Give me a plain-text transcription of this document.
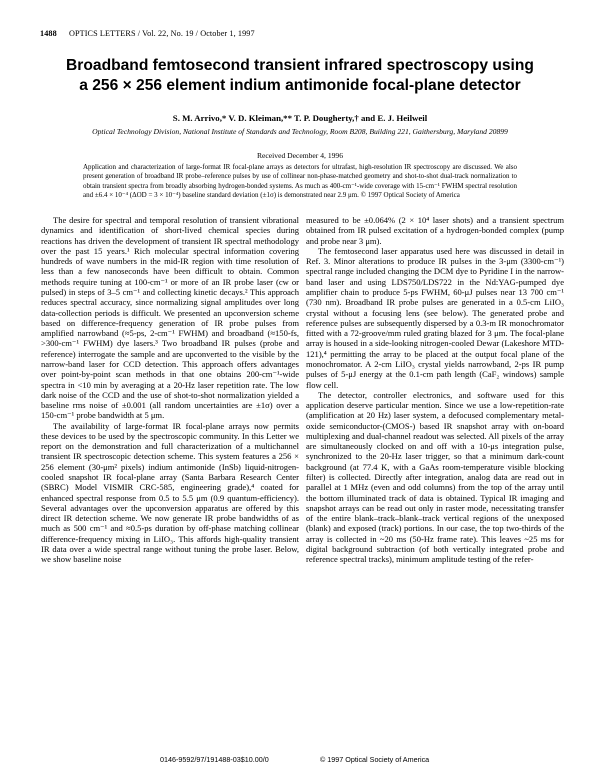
1488 OPTICS LETTERS / Vol. 22, No. 19 / October 1, 1997
Broadband femtosecond transient infrared spectroscopy using
a 256 × 256 element indium antimonide focal-plane detector
S. M. Arrivo,* V. D. Kleiman,** T. P. Dougherty,† and E. J. Heilweil
Optical Technology Division, National Institute of Standards and Technology, Room B208, Building 221, Gaithersburg, Maryland 20899
Received December 4, 1996
Application and characterization of large-format IR focal-plane arrays as detectors for ultrafast, high-resolution IR spectroscopy are discussed. We also present generation of broadband IR probe–reference pulses by use of collinear non-phase-matched geometry and shot-to-shot dual-track normalization to obtain transient spectra from broadly absorbing hydrogen-bonded systems. As much as 400-cm⁻¹-wide coverage with 15-cm⁻¹ FWHM spectral resolution and ±6.4 × 10⁻⁴ (ΔOD = 3 × 10⁻⁴) baseline standard deviation (±1σ) is demonstrated near 2.9 μm. © 1997 Optical Society of America

The desire for spectral and temporal resolution of transient vibrational dynamics and identification of short-lived chemical species during reactions has driven the development of transient IR spectral methodology over the past 15 years.¹ Rich molecular spectral information covering hundreds of wave numbers in the mid-IR region with time resolution of less than a few nanoseconds have been difficult to obtain. Common methods require tuning at 100-cm⁻¹ or more of an IR probe laser (cw or pulsed) in steps of 3–5 cm⁻¹ and collecting kinetic decays.² This approach reduces spectral accuracy, since normalizing signal amplitudes over long data-collection periods is difficult. We presented an upconversion scheme based on difference-frequency generation of IR probe pulses from amplified narrowband (≈5-ps, 2-cm⁻¹ FWHM) and broadband (≈150-fs, >300-cm⁻¹ FWHM) dye lasers.³ Two broadband IR pulses (probe and reference) interrogate the sample and are upconverted to the visible by the narrow-band laser for CCD detection. This approach offers advantages over point-by-point scan methods in that one obtains 200-cm⁻¹-wide spectra in <10 min by averaging at a 20-Hz laser repetition rate. The low dark noise of the CCD and the use of shot-to-shot normalization yielded a baseline rms noise of ±0.001 (all random uncertainties are ±1σ) over a 150-cm⁻¹ probe bandwidth at 5 μm.

The availability of large-format IR focal-plane arrays now permits these devices to be used by the spectroscopic community. In this Letter we report on the demonstration and full characterization of a multichannel transient IR spectroscopic detection scheme. This system features a 256 × 256 element (30-μm² pixels) indium antimonide (InSb) liquid-nitrogen-cooled snapshot IR focal-plane array (Santa Barbara Research Center (SBRC) Model VISMIR CRC-585, engineering grade),⁴ coated for enhanced spectral response from 0.5 to 5.5 μm (0.9 quantum-efficiency). Several advantages over the upconversion apparatus are offered by this direct IR detection scheme. We now generate IR probe bandwidths of as much as 500 cm⁻¹ and ≈0.5-ps duration by off-phase matching collinear difference-frequency mixing in LiIO₃. This affords high-quality transient IR data over a wide spectral range without tuning the probe laser. Below, we show baseline noise

measured to be ±0.064% (2 × 10⁴ laser shots) and a transient spectrum obtained from IR pulsed excitation of a hydrogen-bonded complex (pump and probe near 3 μm).

The femtosecond laser apparatus used here was discussed in detail in Ref. 3. Minor alterations to produce IR pulses in the 3-μm (3300-cm⁻¹) spectral range included changing the DCM dye to Pyridine I in the narrow-band laser and using LDS750/LDS722 in the Nd:YAG-pumped dye amplifier chain to produce 5-ps FWHM, 60-μJ pulses near 13 700 cm⁻¹ (730 nm). Broadband IR probe pulses are generated in a 0.5-cm LiIO₃ crystal without a focusing lens (see below). The generated probe and reference pulses are subsequently dispersed by a 0.3-m IR monochromator fitted with a 72-groove/mm ruled grating blazed for 3 μm. The focal-plane array is housed in a side-looking nitrogen-cooled Dewar (Lakeshore MTD-121),⁴ permitting the array to be placed at the output focal plane of the monochromator. A 2-cm LiIO₃ crystal yields narrowband, 2-ps IR pump pulses of 5-μJ energy at the 0.1-cm path length (CaF₂ windows) sample flow cell.

The detector, controller electronics, and software used for this application deserve particular mention. Since we use a low-repetition-rate (amplification at 20 Hz) laser system, a defocused complementary metal-oxide semiconductor-(CMOS-) based IR snapshot array with on-board multiplexing and dual-channel readout was selected. All pixels of the array are simultaneously clocked on and off with a 10-μs integration pulse, synchronized to the 20-Hz laser trigger, so that a minimum dark-count background (at 77.4 K, with a GaAs room-temperature visible blocking filter) is collected. Directly after integration, analog data are read out in parallel at 1 MHz (even and odd columns) from the top of the array until the bottom illuminated track of data is obtained. Typical IR imaging and snapshot arrays can be read out only in raster mode, necessitating transfer of the entire blank–track–blank–track vertical regions of the unexposed (blank) and exposed (track) portions. In our case, the top two-thirds of the array is collected in ~20 ms (50-Hz frame rate). This leaves ~25 ms for digital background subtraction (of both vertically integrated probe and reference spectral tracks), minimum amplitude testing of the refer-

0146-9592/97/191488-03$10.00/0	© 1997 Optical Society of America
